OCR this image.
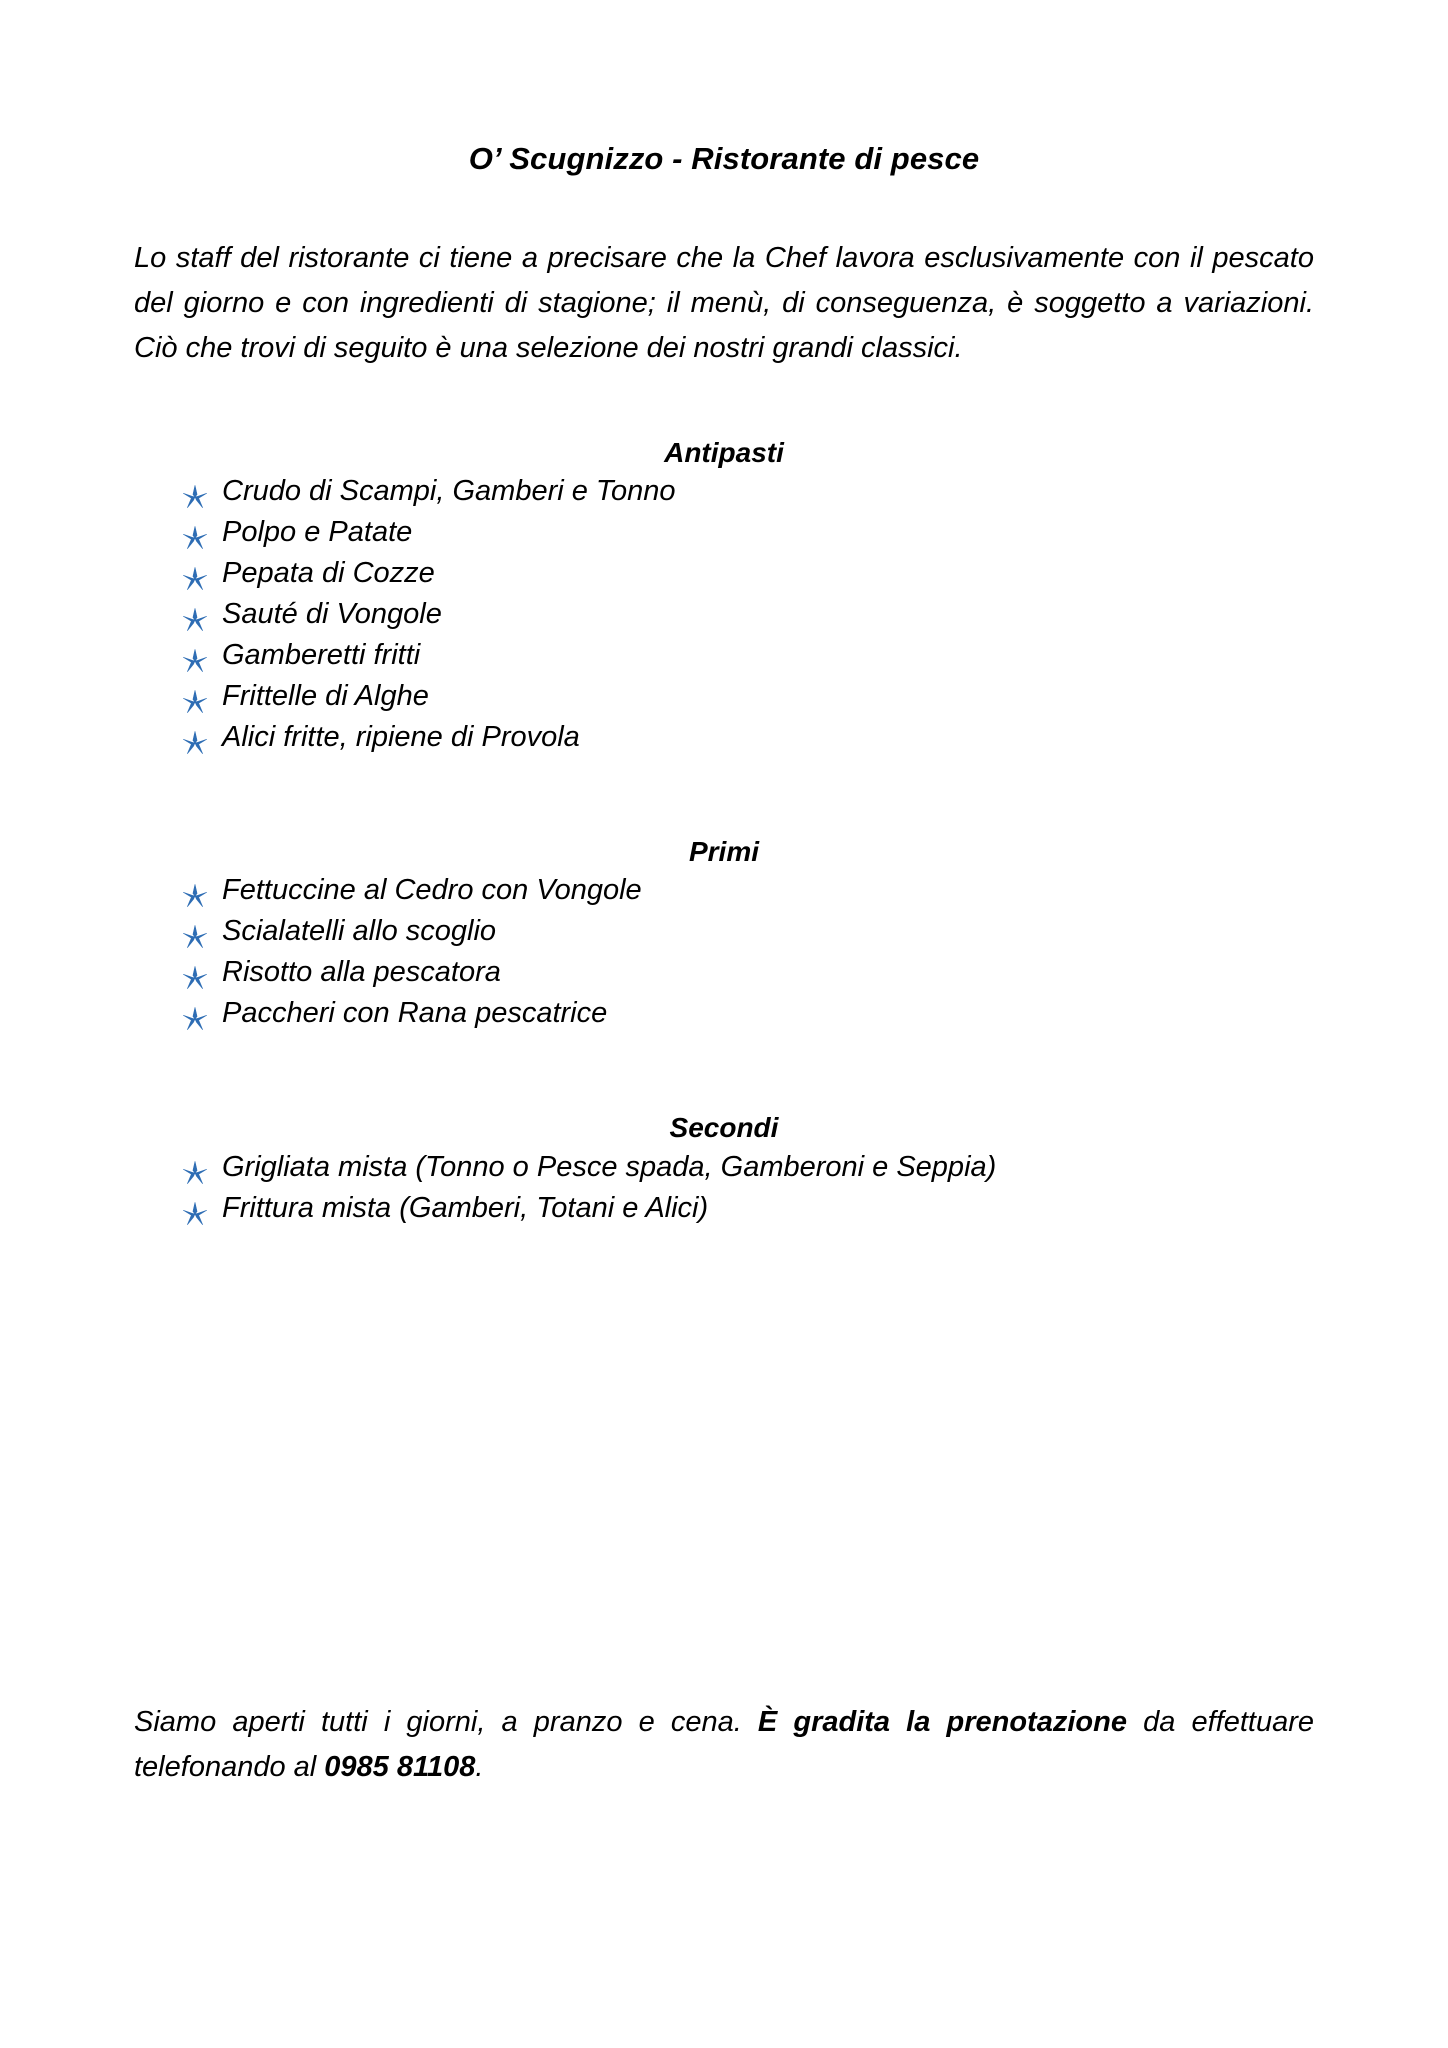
O’ Scugnizzo - Ristorante di pesce

Lo staff del ristorante ci tiene a precisare che la Chef lavora esclusivamente con il pescato del giorno e con ingredienti di stagione; il menù, di conseguenza, è soggetto a variazioni. Ciò che trovi di seguito è una selezione dei nostri grandi classici.

Antipasti
Crudo di Scampi, Gamberi e Tonno
Polpo e Patate
Pepata di Cozze
Sauté di Vongole
Gamberetti fritti
Frittelle di Alghe
Alici fritte, ripiene di Provola
Primi
Fettuccine al Cedro con Vongole
Scialatelli allo scoglio
Risotto alla pescatora
Paccheri con Rana pescatrice
Secondi
Grigliata mista (Tonno o Pesce spada, Gamberoni e Seppia)
Frittura mista (Gamberi, Totani e Alici)

Siamo aperti tutti i giorni, a pranzo e cena. È gradita la prenotazione da effettuare telefonando al 0985 81108.
